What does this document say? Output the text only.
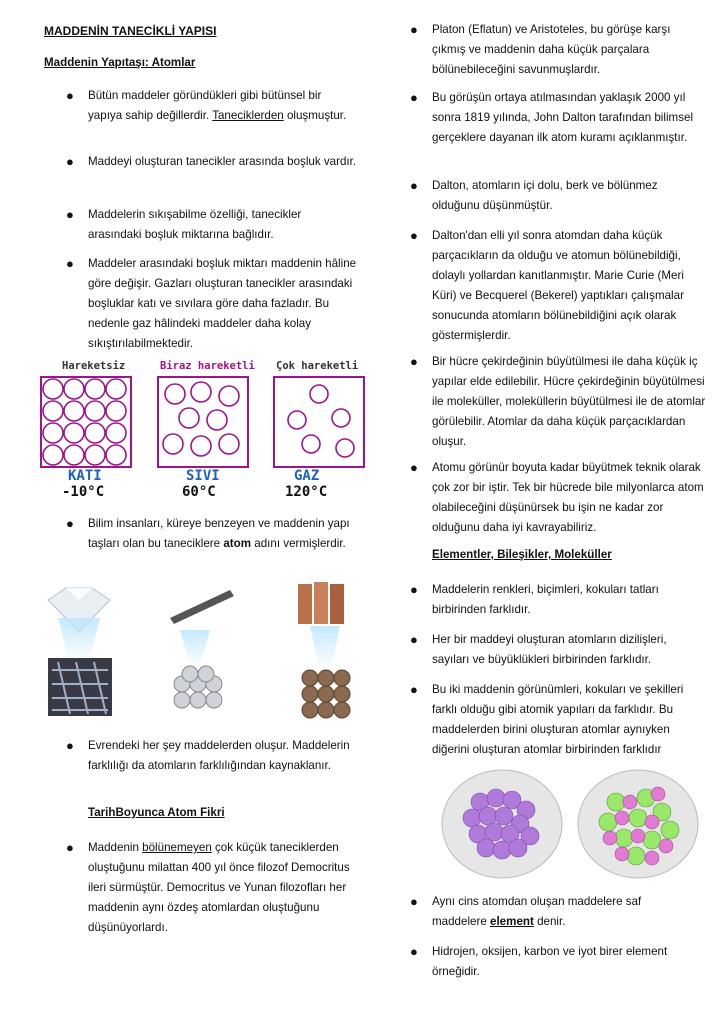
MADDENİN TANECİKLİ YAPISI
Maddenin Yapıtaşı: Atomlar
● Bütün maddeler göründükleri gibi bütünsel bir yapıya sahip değillerdir. Taneciklerden oluşmuştur.
● Maddeyi oluşturan tanecikler arasında boşluk vardır.
● Maddelerin sıkışabilme özelliği, tanecikler arasındaki boşluk miktarına bağlıdır.
● Maddeler arasındaki boşluk miktarı maddenin hâline göre değişir. Gazları oluşturan tanecikler arasındaki boşluklar katı ve sıvılara göre daha fazladır. Bu nedenle gaz hâlindeki maddeler daha kolay sıkıştırılabilmektedir.
Hareketsiz	Biraz hareketli Çok hareketli
KATI
-10°C
SIVI
60°C
GAZ
120°C
● Bilim insanları, küreye benzeyen ve maddenin yapı taşları olan bu taneciklere atom adını vermişlerdir.
● Evrendeki her şey maddelerden oluşur. Maddelerin farklılığı da atomların farklılığından kaynaklanır.
TarihBoyunca Atom Fikri
● Maddenin bölünemeyen çok küçük taneciklerden oluştuğunu milattan 400 yıl önce filozof Democritus ileri sürmüştür. Democritus ve Yunan filozofları her maddenin aynı özdeş atomlardan oluştuğunu düşünüyorlardı.
● Platon (Eflatun) ve Aristoteles, bu görüşe karşı çıkmış ve maddenin daha küçük parçalara bölünebileceğini savunmuşlardır.
● Bu görüşün ortaya atılmasından yaklaşık 2000 yıl sonra 1819 yılında, John Dalton tarafından bilimsel gerçeklere dayanan ilk atom kuramı açıklanmıştır.
● Dalton, atomların içi dolu, berk ve bölünmez olduğunu düşünmüştür.
● Dalton'dan elli yıl sonra atomdan daha küçük parçacıkların da olduğu ve atomun bölünebildiği, dolaylı yollardan kanıtlanmıştır. Marie Curie (Meri Küri) ve Becquerel (Bekerel) yaptıkları çalışmalar sonucunda atomların bölünebildiğini açık olarak göstermişlerdir.
● Bir hücre çekirdeğinin büyütülmesi ile daha küçük iç yapılar elde edilebilir. Hücre çekirdeğinin büyütülmesi ile moleküller, moleküllerin büyütülmesi ile de atomlar görülebilir. Atomlar da daha küçük parçacıklardan oluşur.
● Atomu görünür boyuta kadar büyütmek teknik olarak çok zor bir iştir. Tek bir hücrede bile milyonlarca atom olabileceğini düşünürsek bu işin ne kadar zor olduğunu daha iyi kavrayabiliriz.
Elementler, Bileşikler, Moleküller
● Maddelerin renkleri, biçimleri, kokuları tatları birbirinden farklıdır.
● Her bir maddeyi oluşturan atomların dizilişleri, sayıları ve büyüklükleri birbirinden farklıdır.
● Bu iki maddenin görünümleri, kokuları ve şekilleri farklı olduğu gibi atomik yapıları da farklıdır. Bu maddelerden birini oluşturan atomlar aynıyken diğerini oluşturan atomlar birbirinden farklıdır
● Aynı cins atomdan oluşan maddelere saf maddelere element denir.
● Hidrojen, oksijen, karbon ve iyot birer element örneğidir.
